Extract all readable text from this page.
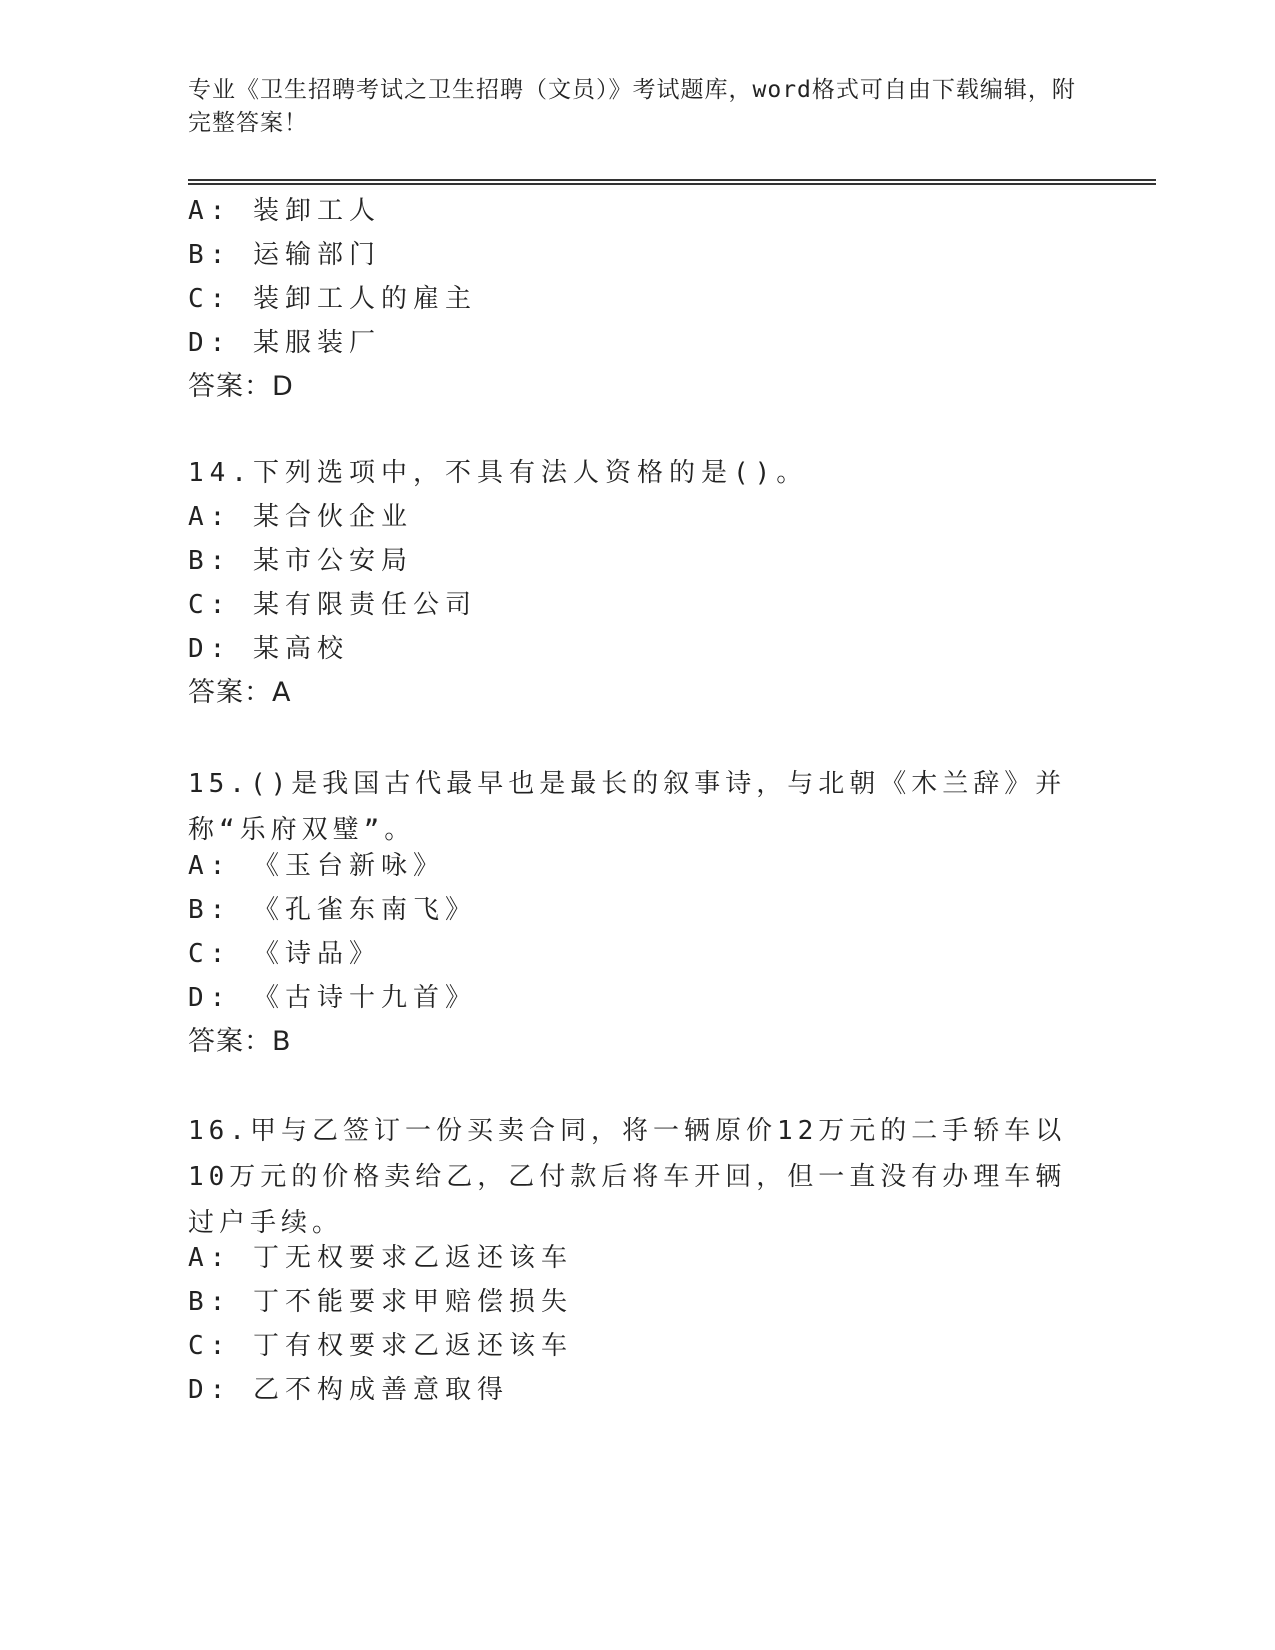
专业《卫生招聘考试之卫生招聘（文员）》考试题库，word格式可自由下载编辑，附完整答案！
A: 装卸工人
B: 运输部门
C: 装卸工人的雇主
D: 某服装厂
答案：D
14.下列选项中，不具有法人资格的是()。
A: 某合伙企业
B: 某市公安局
C: 某有限责任公司
D: 某高校
答案：A
15.()是我国古代最早也是最长的叙事诗，与北朝《木兰辞》并称“乐府双璧”。
A: 《玉台新咏》
B: 《孔雀东南飞》
C: 《诗品》
D: 《古诗十九首》
答案：B
16.甲与乙签订一份买卖合同，将一辆原价12万元的二手轿车以10万元的价格卖给乙，乙付款后将车开回，但一直没有办理车辆过户手续。
A: 丁无权要求乙返还该车
B: 丁不能要求甲赔偿损失
C: 丁有权要求乙返还该车
D: 乙不构成善意取得
